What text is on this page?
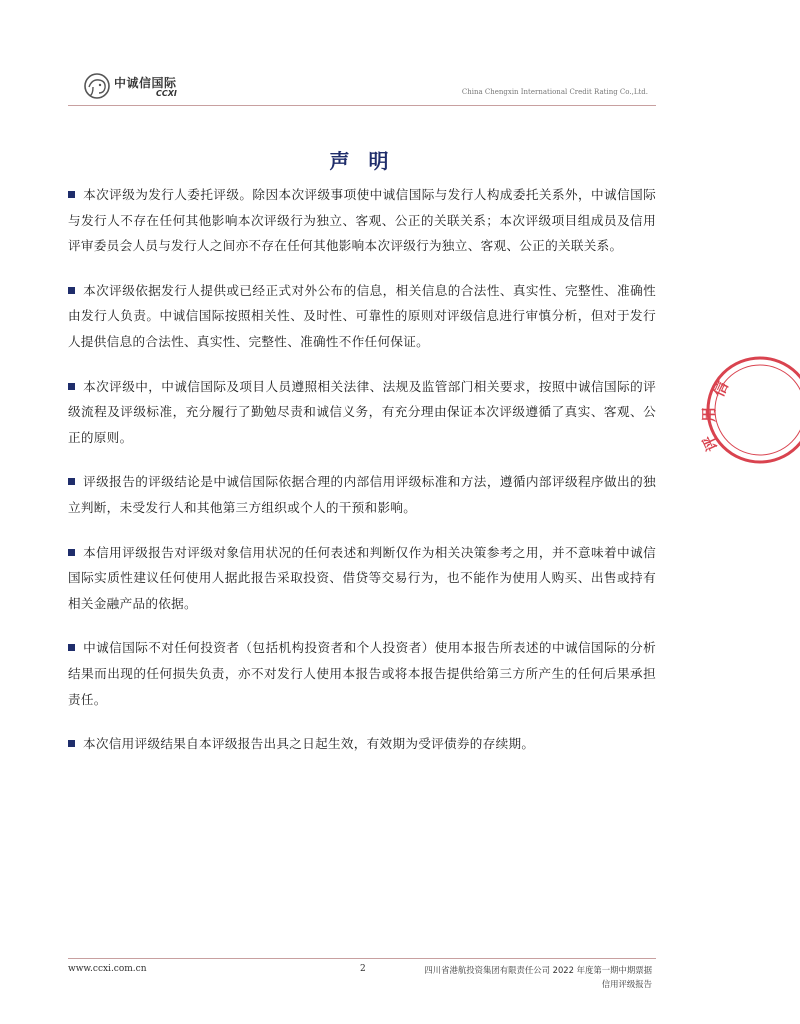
中诚信国际
CCXI	China Chengxin International Credit Rating Co.,Ltd.
声 明

本次评级为发行人委托评级。除因本次评级事项使中诚信国际与发行人构成委托关系外，中诚信国际与发行人不存在任何其他影响本次评级行为独立、客观、公正的关联关系；本次评级项目组成员及信用评审委员会人员与发行人之间亦不存在任何其他影响本次评级行为独立、客观、公正的关联关系。

本次评级依据发行人提供或已经正式对外公布的信息，相关信息的合法性、真实性、完整性、准确性由发行人负责。中诚信国际按照相关性、及时性、可靠性的原则对评级信息进行审慎分析，但对于发行人提供信息的合法性、真实性、完整性、准确性不作任何保证。

本次评级中，中诚信国际及项目人员遵照相关法律、法规及监管部门相关要求，按照中诚信国际的评级流程及评级标准，充分履行了勤勉尽责和诚信义务，有充分理由保证本次评级遵循了真实、客观、公正的原则。

评级报告的评级结论是中诚信国际依据合理的内部信用评级标准和方法，遵循内部评级程序做出的独立判断，未受发行人和其他第三方组织或个人的干预和影响。

本信用评级报告对评级对象信用状况的任何表述和判断仅作为相关决策参考之用，并不意味着中诚信国际实质性建议任何使用人据此报告采取投资、借贷等交易行为，也不能作为使用人购买、出售或持有相关金融产品的依据。

中诚信国际不对任何投资者（包括机构投资者和个人投资者）使用本报告所表述的中诚信国际的分析结果而出现的任何损失负责，亦不对发行人使用本报告或将本报告提供给第三方所产生的任何后果承担责任。

本次信用评级结果自本评级报告出具之日起生效，有效期为受评债券的存续期。

信
用
评
www.ccxi.com.cn	2	四川省港航投资集团有限责任公司 2022 年度第一期中期票据
信用评级报告
